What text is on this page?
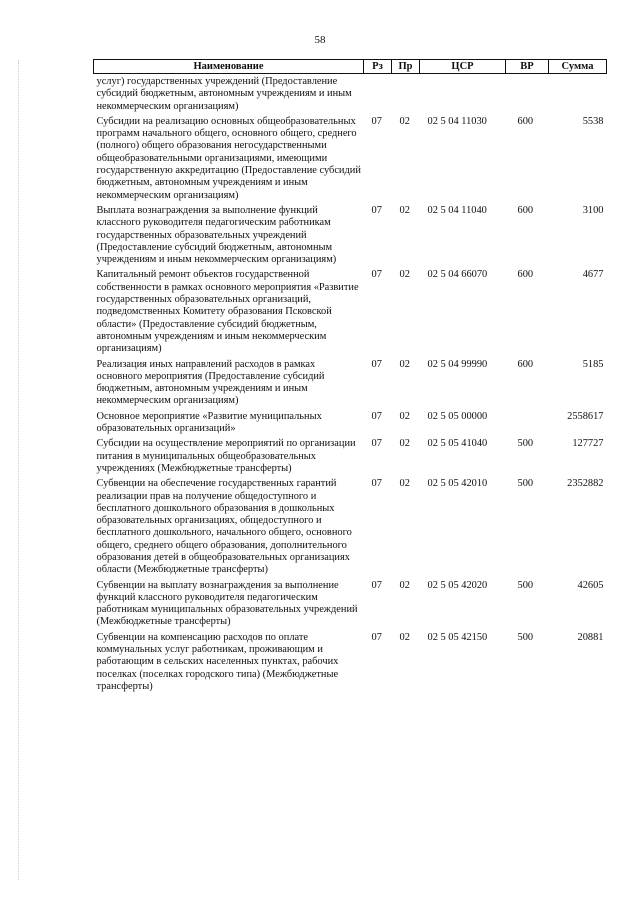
58
Наименование	Рз	Пр	ЦСР	ВР	Сумма
услуг) государственных учреждений (Предоставление субсидий бюджетным, автономным учреждениям и иным некоммерческим организациям)					
Субсидии на реализацию основных общеобразовательных программ начального общего, основного общего, среднего (полного) общего образования негосударственными общеобразовательными организациями, имеющими государственную аккредитацию (Предоставление субсидий бюджетным, автономным учреждениям и иным некоммерческим организациям)	07	02	02 5 04 11030	600	5538
Выплата вознаграждения за выполнение функций классного руководителя педагогическим работникам государственных образовательных учреждений (Предоставление субсидий бюджетным, автономным учреждениям и иным некоммерческим организациям)	07	02	02 5 04 11040	600	3100
Капитальный ремонт объектов государственной собственности в рамках основного мероприятия «Развитие государственных образовательных организаций, подведомственных Комитету образования Псковской области» (Предоставление субсидий бюджетным, автономным учреждениям и иным некоммерческим организациям)	07	02	02 5 04 66070	600	4677
Реализация иных направлений расходов в рамках основного мероприятия (Предоставление субсидий бюджетным, автономным учреждениям и иным некоммерческим организациям)	07	02	02 5 04 99990	600	5185
Основное мероприятие «Развитие муниципальных образовательных организаций»	07	02	02 5 05 00000		2558617
Субсидии на осуществление мероприятий по организации питания в муниципальных общеобразовательных учреждениях (Межбюджетные трансферты)	07	02	02 5 05 41040	500	127727
Субвенции на обеспечение государственных гарантий реализации прав на получение общедоступного и бесплатного дошкольного образования в дошкольных образовательных организациях, общедоступного и бесплатного дошкольного, начального общего, основного общего, среднего общего образования, дополнительного образования детей в общеобразовательных организациях области (Межбюджетные трансферты)	07	02	02 5 05 42010	500	2352882
Субвенции на выплату вознаграждения за выполнение функций классного руководителя педагогическим работникам муниципальных образовательных учреждений (Межбюджетные трансферты)	07	02	02 5 05 42020	500	42605
Субвенции на компенсацию расходов по оплате коммунальных услуг работникам, проживающим и работающим в сельских населенных пунктах, рабочих поселках (поселках городского типа) (Межбюджетные трансферты)	07	02	02 5 05 42150	500	20881
